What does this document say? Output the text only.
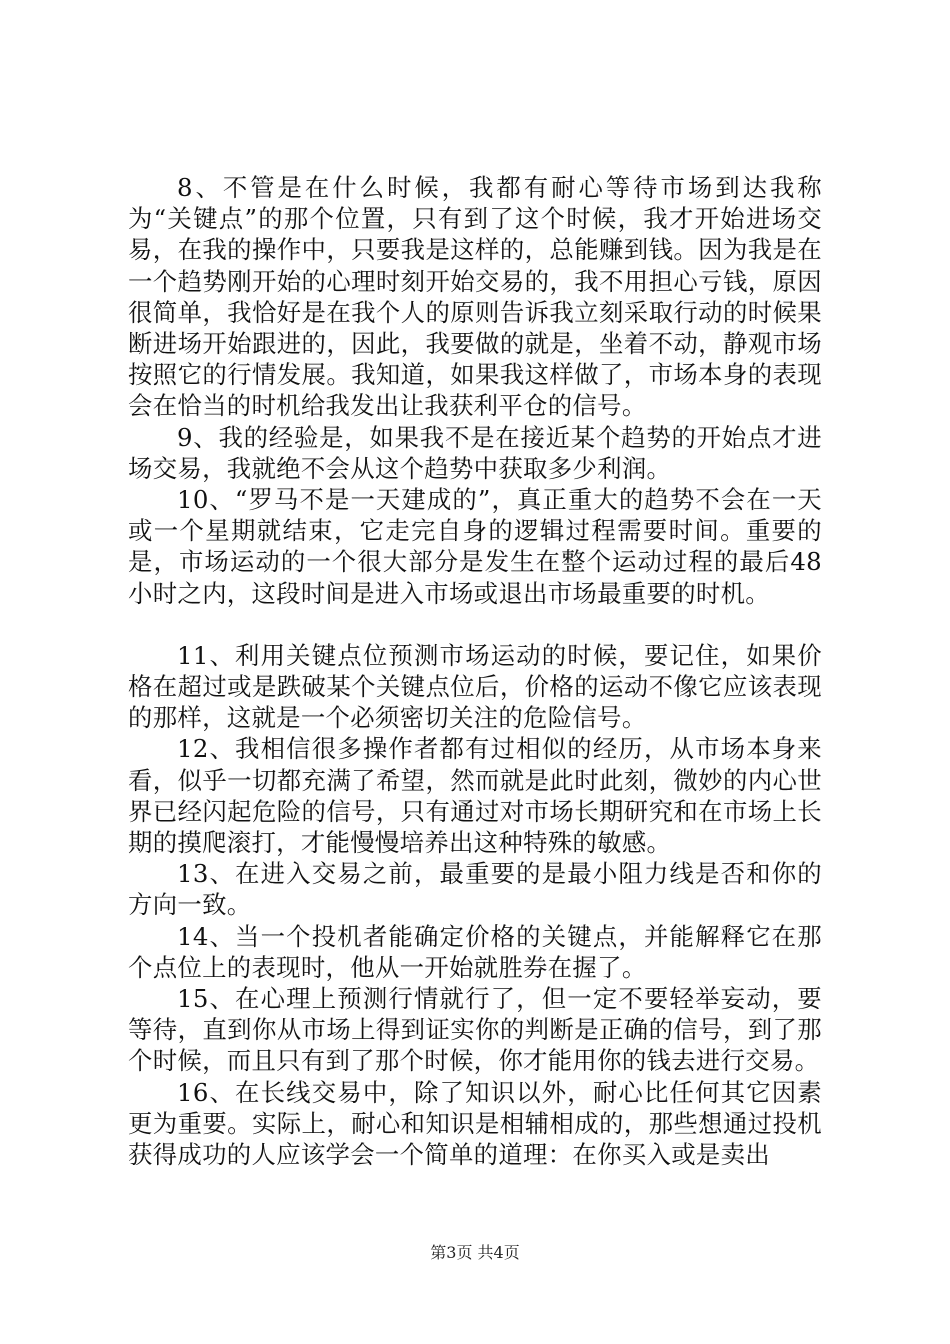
8、不管是在什么时候，我都有耐心等待市场到达我称为“关键点”的那个位置，只有到了这个时候，我才开始进场交易，在我的操作中，只要我是这样的，总能赚到钱。因为我是在一个趋势刚开始的心理时刻开始交易的，我不用担心亏钱，原因很简单，我恰好是在我个人的原则告诉我立刻采取行动的时候果断进场开始跟进的，因此，我要做的就是，坐着不动，静观市场按照它的行情发展。我知道，如果我这样做了，市场本身的表现会在恰当的时机给我发出让我获利平仓的信号。

9、我的经验是，如果我不是在接近某个趋势的开始点才进场交易，我就绝不会从这个趋势中获取多少利润。

10、“罗马不是一天建成的”，真正重大的趋势不会在一天或一个星期就结束，它走完自身的逻辑过程需要时间。重要的是，市场运动的一个很大部分是发生在整个运动过程的最后48小时之内，这段时间是进入市场或退出市场最重要的时机。

11、利用关键点位预测市场运动的时候，要记住，如果价格在超过或是跌破某个关键点位后，价格的运动不像它应该表现的那样，这就是一个必须密切关注的危险信号。

12、我相信很多操作者都有过相似的经历，从市场本身来看，似乎一切都充满了希望，然而就是此时此刻，微妙的内心世界已经闪起危险的信号，只有通过对市场长期研究和在市场上长期的摸爬滚打，才能慢慢培养出这种特殊的敏感。

13、在进入交易之前，最重要的是最小阻力线是否和你的方向一致。

14、当一个投机者能确定价格的关键点，并能解释它在那个点位上的表现时，他从一开始就胜券在握了。

15、在心理上预测行情就行了，但一定不要轻举妄动，要等待，直到你从市场上得到证实你的判断是正确的信号，到了那个时候，而且只有到了那个时候，你才能用你的钱去进行交易。

16、在长线交易中，除了知识以外，耐心比任何其它因素更为重要。实际上，耐心和知识是相辅相成的，那些想通过投机获得成功的人应该学会一个简单的道理：在你买入或是卖出

第3页 共4页
